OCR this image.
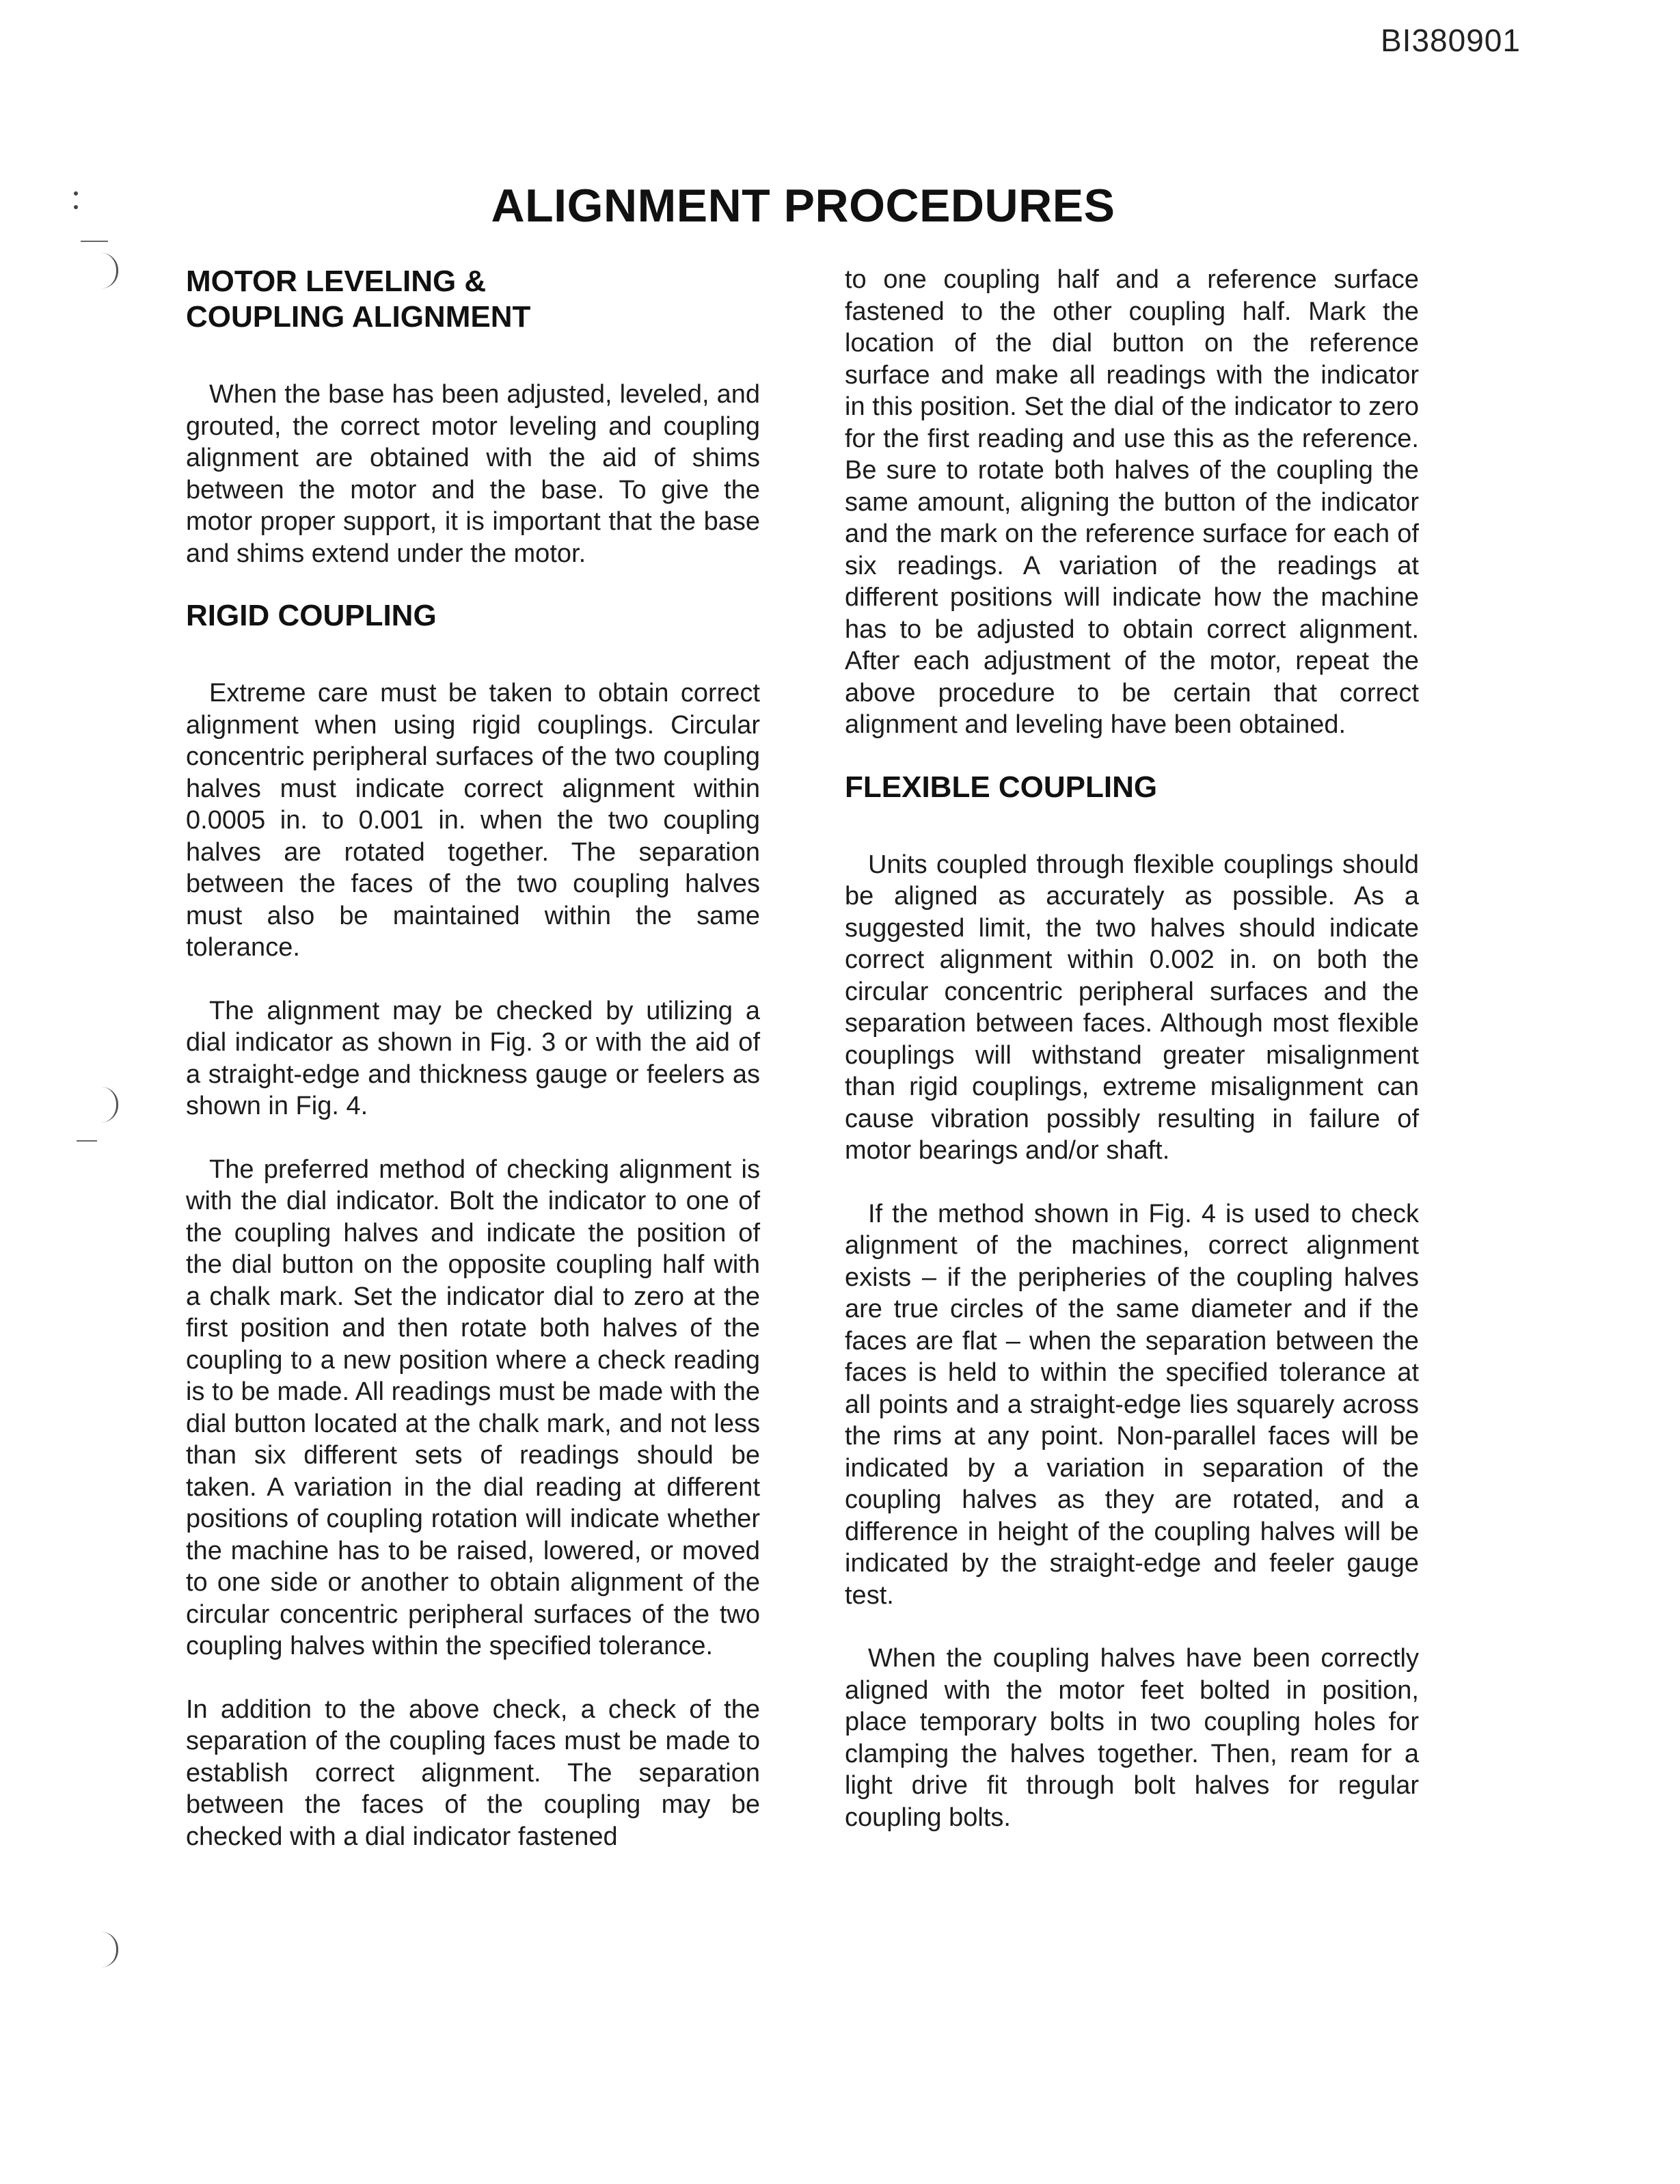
BI380901
ALIGNMENT PROCEDURES
MOTOR LEVELING &
COUPLING ALIGNMENT

When the base has been adjusted, leveled, and grouted, the correct motor leveling and coupling alignment are obtained with the aid of shims between the motor and the base. To give the motor proper support, it is important that the base and shims extend under the motor.

RIGID COUPLING

Extreme care must be taken to obtain correct alignment when using rigid couplings. Circular concentric peripheral surfaces of the two coupling halves must indicate correct alignment within 0.0005 in. to 0.001 in. when the two coupling halves are rotated together. The separation between the faces of the two coupling halves must also be maintained within the same tolerance.

The alignment may be checked by utilizing a dial indicator as shown in Fig. 3 or with the aid of a straight-edge and thickness gauge or feelers as shown in Fig. 4.

The preferred method of checking alignment is with the dial indicator. Bolt the indicator to one of the coupling halves and indicate the position of the dial button on the opposite coupling half with a chalk mark. Set the indicator dial to zero at the first position and then rotate both halves of the coupling to a new position where a check reading is to be made. All readings must be made with the dial button located at the chalk mark, and not less than six different sets of readings should be taken. A variation in the dial reading at different positions of coupling rotation will indicate whether the machine has to be raised, lowered, or moved to one side or another to obtain alignment of the circular concentric peripheral surfaces of the two coupling halves within the specified tolerance.

In addition to the above check, a check of the separation of the coupling faces must be made to establish correct alignment. The separation between the faces of the coupling may be checked with a dial indicator fastened

to one coupling half and a reference surface fastened to the other coupling half. Mark the location of the dial button on the reference surface and make all readings with the indicator in this position. Set the dial of the indicator to zero for the first reading and use this as the reference. Be sure to rotate both halves of the coupling the same amount, aligning the button of the indicator and the mark on the reference surface for each of six readings. A variation of the readings at different positions will indicate how the machine has to be adjusted to obtain correct alignment. After each adjustment of the motor, repeat the above procedure to be certain that correct alignment and leveling have been obtained.

FLEXIBLE COUPLING

Units coupled through flexible couplings should be aligned as accurately as possible. As a suggested limit, the two halves should indicate correct alignment within 0.002 in. on both the circular concentric peripheral surfaces and the separation between faces. Although most flexible couplings will withstand greater misalignment than rigid couplings, extreme misalignment can cause vibration possibly resulting in failure of motor bearings and/or shaft.

If the method shown in Fig. 4 is used to check alignment of the machines, correct alignment exists – if the peripheries of the coupling halves are true circles of the same diameter and if the faces are flat – when the separation between the faces is held to within the specified tolerance at all points and a straight-edge lies squarely across the rims at any point. Non-parallel faces will be indicated by a variation in separation of the coupling halves as they are rotated, and a difference in height of the coupling halves will be indicated by the straight-edge and feeler gauge test.

When the coupling halves have been correctly aligned with the motor feet bolted in position, place temporary bolts in two coupling holes for clamping the halves together. Then, ream for a light drive fit through bolt halves for regular coupling bolts.
